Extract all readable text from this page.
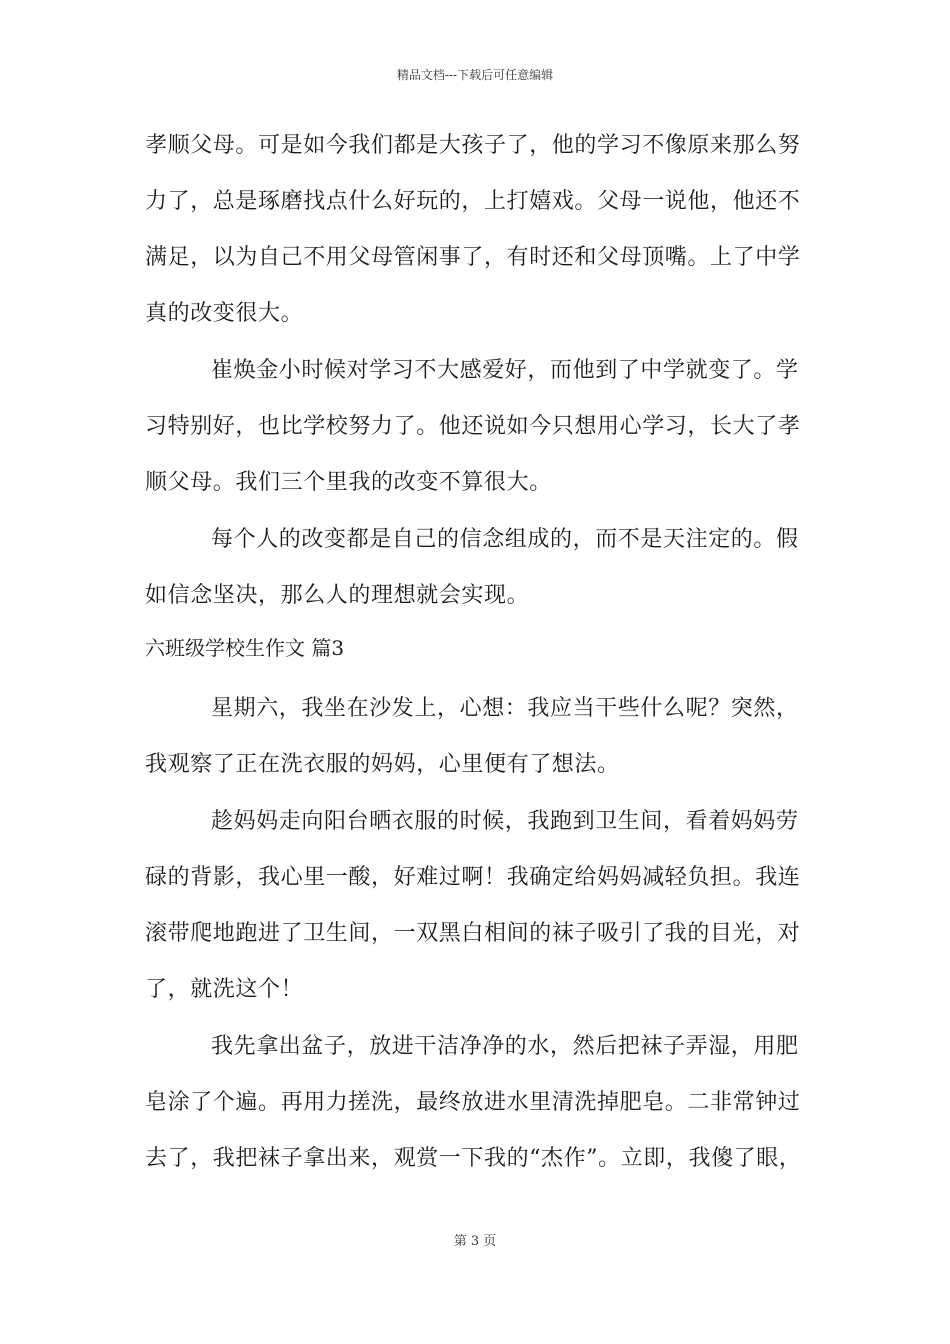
精品文档---下载后可任意编辑
孝顺父母。可是如今我们都是大孩子了，他的学习不像原来那么努
力了，总是琢磨找点什么好玩的，上打嬉戏。父母一说他，他还不
满足，以为自己不用父母管闲事了，有时还和父母顶嘴。上了中学
真的改变很大。
崔焕金小时候对学习不大感爱好，而他到了中学就变了。学
习特别好，也比学校努力了。他还说如今只想用心学习，长大了孝
顺父母。我们三个里我的改变不算很大。
每个人的改变都是自己的信念组成的，而不是天注定的。假
如信念坚决，那么人的理想就会实现。
六班级学校生作文 篇3
星期六，我坐在沙发上，心想：我应当干些什么呢？突然，
我观察了正在洗衣服的妈妈，心里便有了想法。
趁妈妈走向阳台晒衣服的时候，我跑到卫生间，看着妈妈劳
碌的背影，我心里一酸，好难过啊！我确定给妈妈减轻负担。我连
滚带爬地跑进了卫生间，一双黑白相间的袜子吸引了我的目光，对
了，就洗这个！
我先拿出盆子，放进干洁净净的水，然后把袜子弄湿，用肥
皂涂了个遍。再用力搓洗，最终放进水里清洗掉肥皂。二非常钟过
去了，我把袜子拿出来，观赏一下我的“杰作”。立即，我傻了眼，
第 3 页
